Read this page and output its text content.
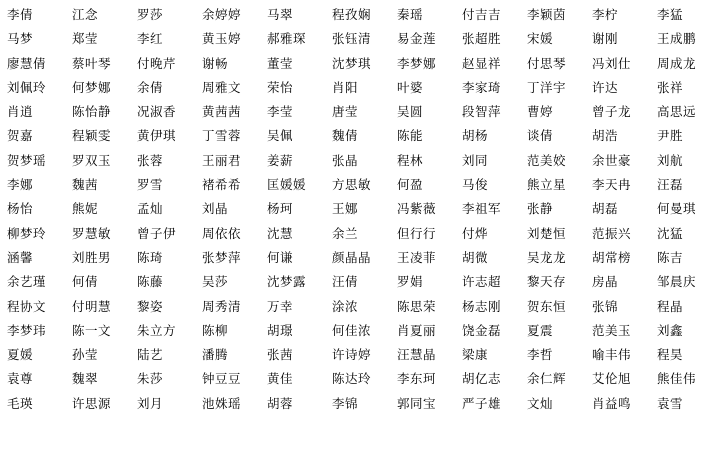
李倩	江念	罗莎	余婷婷	马翠	程孜娴	秦瑶	付吉吉	李颖茵	李柠	李猛
马梦	郑莹	李红	黄玉婷	郝雅琛	张钰清	易金莲	张超胜	宋媛	谢刚	王成鹏
廖慧倩	蔡叶琴	付晚芹	谢畅	董莹	沈梦琪	李梦娜	赵显祥	付思琴	冯刘仕	周成龙
刘佩玲	何梦娜	余倩	周雅文	荣怡	肖阳	叶婆	李家琦	丁洋宇	许达	张祥
肖逍	陈怡静	况淑香	黄茜茜	李莹	唐莹	吴圆	段智萍	曹婷	曾子龙	高思远
贺嘉	程颖雯	黄伊琪	丁雪蓉	吴佩	魏倩	陈能	胡杨	谈倩	胡浩	尹胜
贺梦瑶	罗双玉	张蓉	王丽君	姜薪	张晶	程林	刘同	范美姣	余世豪	刘航
李娜	魏茜	罗雪	褚希希	匡媛媛	方思敏	何盈	马俊	熊立星	李天冉	汪磊
杨怡	熊妮	孟灿	刘晶	杨珂	王娜	冯紫薇	李祖军	张静	胡磊	何曼琪
柳梦玲	罗慧敏	曾子伊	周依依	沈慧	余兰	但行行	付烨	刘楚恒	范振兴	沈猛
涵馨	刘胜男	陈琦	张梦萍	何谦	颜晶晶	王凌菲	胡微	吴龙龙	胡常榜	陈吉
余艺瑾	何倩	陈藤	吴莎	沈梦露	汪倩	罗娟	许志超	黎天存	房晶	邹晨庆
程协文	付明慧	黎姿	周秀清	万幸	涂浓	陈思荣	杨志刚	贺东恒	张锦	程晶
李梦玮	陈一文	朱立方	陈柳	胡璟	何佳浓	肖夏丽	饶金磊	夏震	范美玉	刘鑫
夏媛	孙莹	陆艺	潘腾	张茜	许诗婷	汪慧晶	梁康	李哲	喻丰伟	程昊
袁尊	魏翠	朱莎	钟豆豆	黄佳	陈达玲	李东珂	胡亿志	余仁辉	艾伦旭	熊佳伟
毛瑛	许思源	刘月	池姝瑶	胡蓉	李锦	郭同宝	严子雄	文灿	肖益鸣	袁雪
